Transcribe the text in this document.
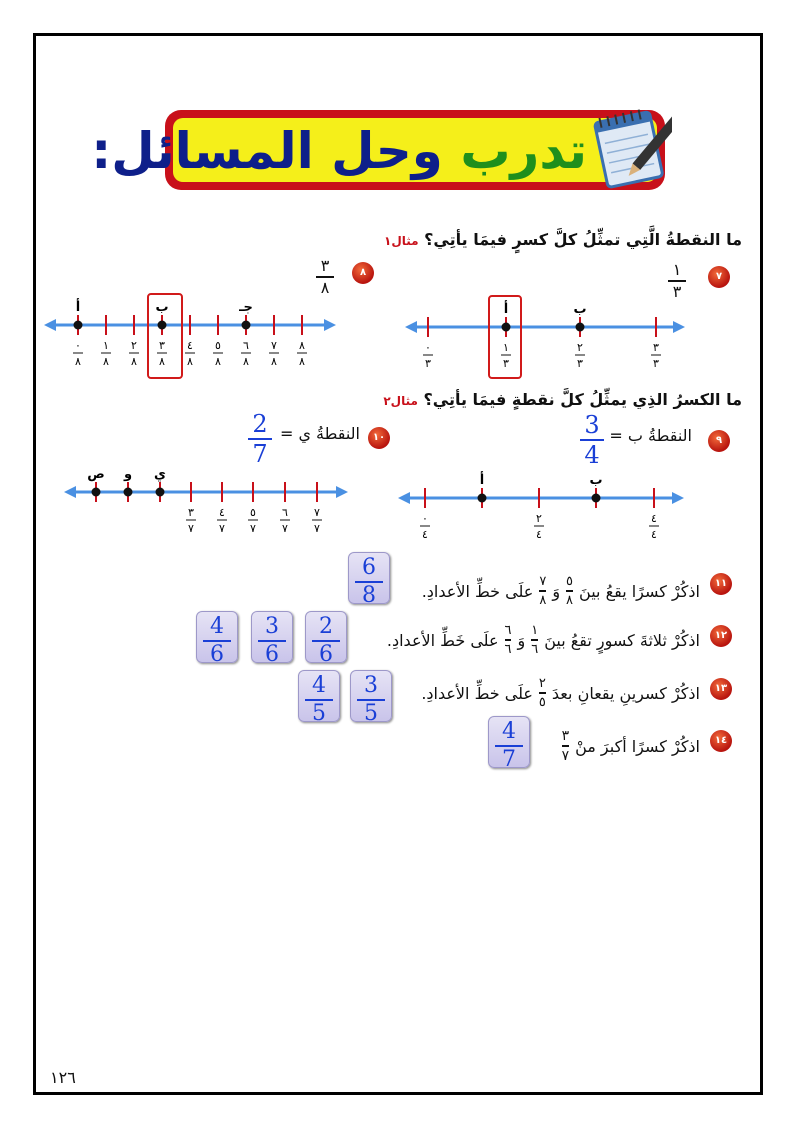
تدرب وحل المسائل:
ما النقطةُ الَّتِي تمثِّلُ كلَّ كسرٍ فيمَا يأتِي؟ مثال١
٧
١
٣
٠
٣
١
٣
٢
٣
٣
٣
أ	ب
٨
٣
٨
٠
٨
١
٨
٢
٨
٣
٨
٤
٨
٥
٨
٦
٨
٧
٨
٨
٨
أ	ب	جـ
ما الكسرُ الذِي يمثِّلُ كلَّ نقطةٍ فيمَا يأتِي؟ مثال٢
٩
النقطةُ ب =
3
4
٠
٤
٢
٤
٤
٤
أ	ب
١٠
النقطةُ ي =
2
7
٣
٧
٤
٧
٥
٧
٦
٧
٧
٧
ص و ي
١١
اذكُرْ كسرًا يقعُ بينَ
$\frac{٥}{٨}$
وَ
$\frac{٧}{٨}$
علَى خطِّ الأعدادِ.
6
8
١٢
اذكُرْ ثلاثةَ كسورٍ تقعُ بينَ
$\frac{١}{٦}$
وَ
$\frac{٦}{٦}$
علَى خَطِّ الأعدادِ.
2
6
3
6
4
6
١٣
اذكُرْ كسرينِ يقعانِ بعدَ
$\frac{٢}{٥}$
علَى خطِّ الأعدادِ.
3
5
4
5
١٤
اذكُرْ كسرًا أكبرَ منْ
$\frac{٣}{٧}$
4
7
١٢٦
